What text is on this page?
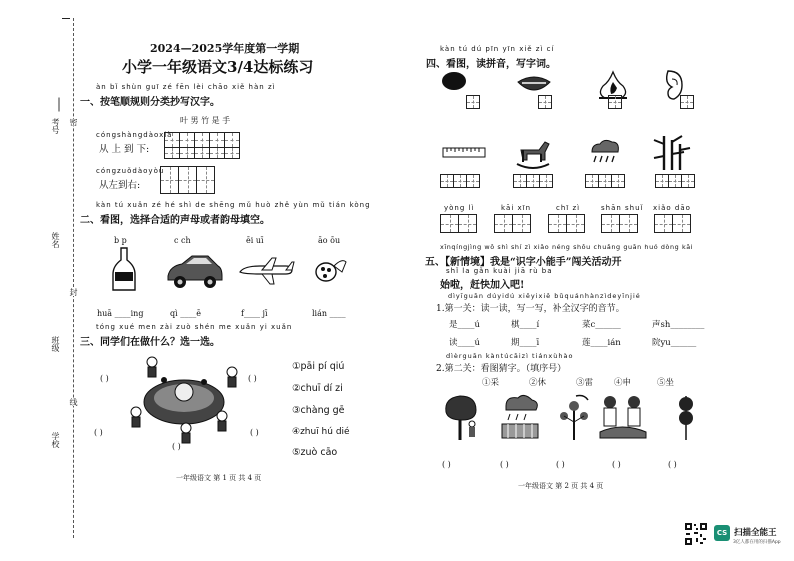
考号
姓名
班级
学校
密
封
线
2024—2025学年度第一学期
小学一年级语文3/4达标练习
àn bǐ shùn guī zé fēn lèi chāo xiě hàn zì
一、按笔顺规则分类抄写汉字。
叶 男 竹 是 手
cóngshàngdàoxià
从 上 到 下:
cóngzuǒdàoyòu
从左到右:
kàn tú xuǎn zé hé shì de shēng mǔ huò zhě yùn mǔ tián kòng
二、看图，选择合适的声母或者韵母填空。
b p	c ch	ēi uī	āo ōu
huā ____ing	qì ____ē	f____ jī	lián ____
tóng xué men zài zuò shén me xuǎn yi xuǎn
三、同学们在做什么？选一选。
( )	( )
( )	( )
( )
①pāi pí qiú
②chuī dí zi
③chàng gē
④zhuī hú dié
⑤zuò cāo
一年级语文 第 1 页 共 4 页
kàn tú dú pīn yīn xiě zì cí
四、看图，读拼音，写字词。
yòng lì	kāi xīn	chī zì	shān shuǐ xiǎo dāo
xīnqíngjìng wǒ shì shí zì xiǎo néng shǒu chuǎng guān huó dòng kāi
五、【新情境】我是“识字小能手”闯关活动开
shǐ la gǎn kuài jiā rù ba
始啦，赶快加入吧!
dìyīguān dúyidú xiěyixiě bǔquánhànzìdeyīnjié
1.第一关：读一读，写一写，补全汉字的音节。
是____ú	棋____í	菜c______	声sh________
读____ú	期____ī	莲____ián	院yu______
dìèrguān kàntúcāizì tiánxùhào
2.第二关：看图猜字。（填序号）
①采	②休	③雷 ④申	⑤坐
( )	( )	( )	( )	( )
一年级语文 第 2 页 共 4 页
CS 扫描全能王
3亿人都在用的扫描App
